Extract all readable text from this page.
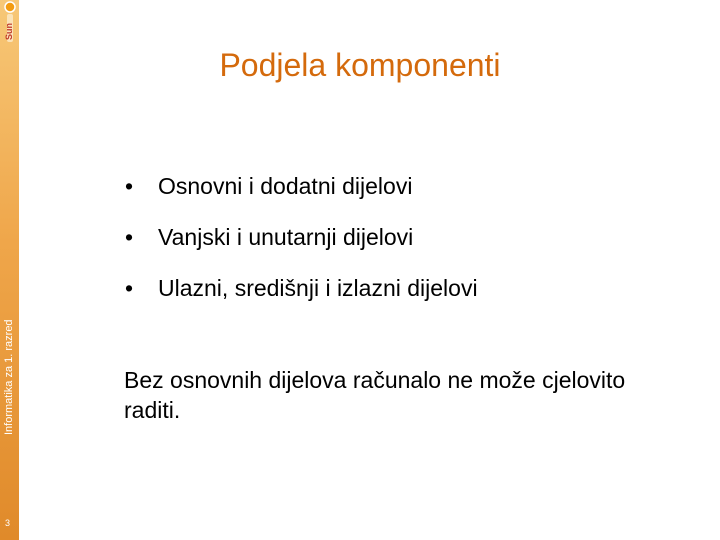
Sun
Informatika za 1. razred
3
Podjela komponenti
• Osnovni i dodatni dijelovi
• Vanjski i unutarnji dijelovi
• Ulazni, središnji i izlazni dijelovi
Bez osnovnih dijelova računalo ne može cjelovito raditi.
